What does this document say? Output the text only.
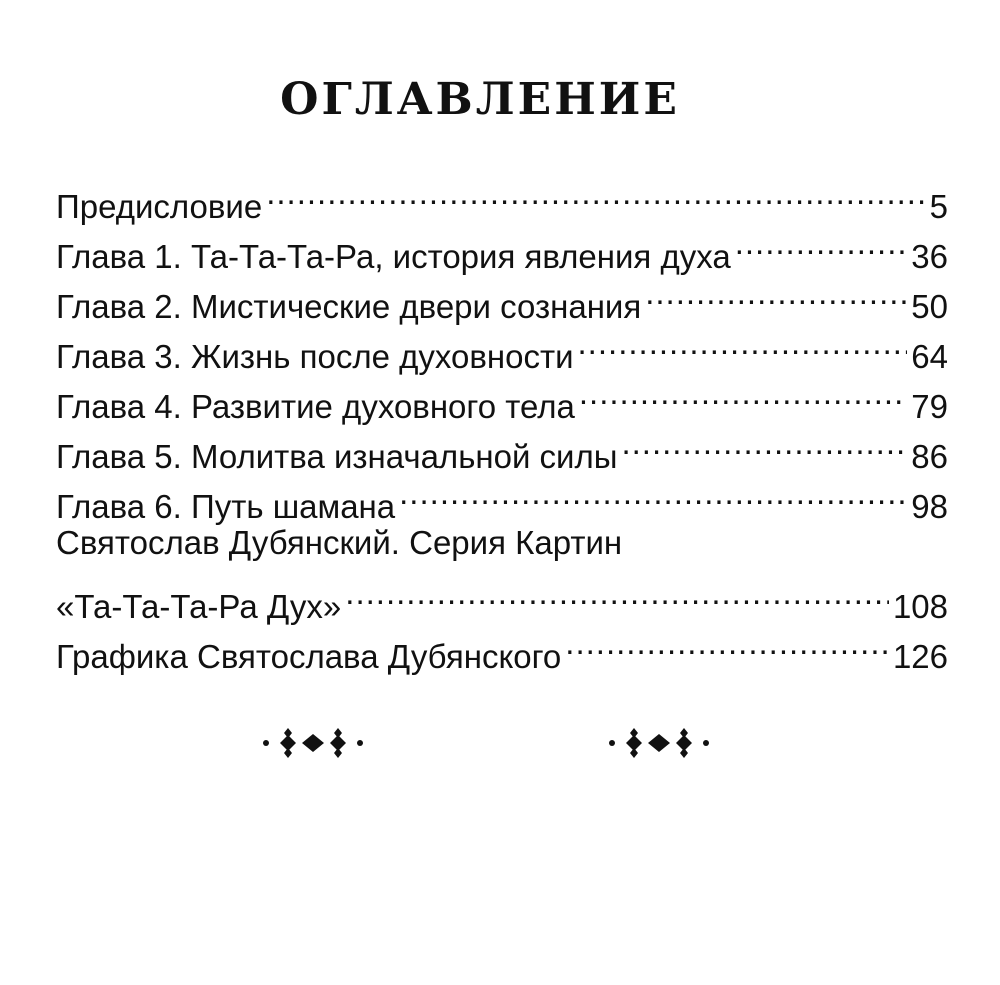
ОГЛАВЛЕНИЕ
Предисловие .....	5
Глава 1. Та-Та-Та-Ра, история явления духа .....	36
Глава 2. Мистические двери сознания .....	50
Глава 3. Жизнь после духовности .....	64
Глава 4. Развитие духовного тела .....	79
Глава 5. Молитва изначальной силы .....	86
Глава 6. Путь шамана .....	98
Святослав Дубянский. Серия Картин
«Та-Та-Та-Ра Дух» .....	108
Графика Святослава Дубянского .....	126
